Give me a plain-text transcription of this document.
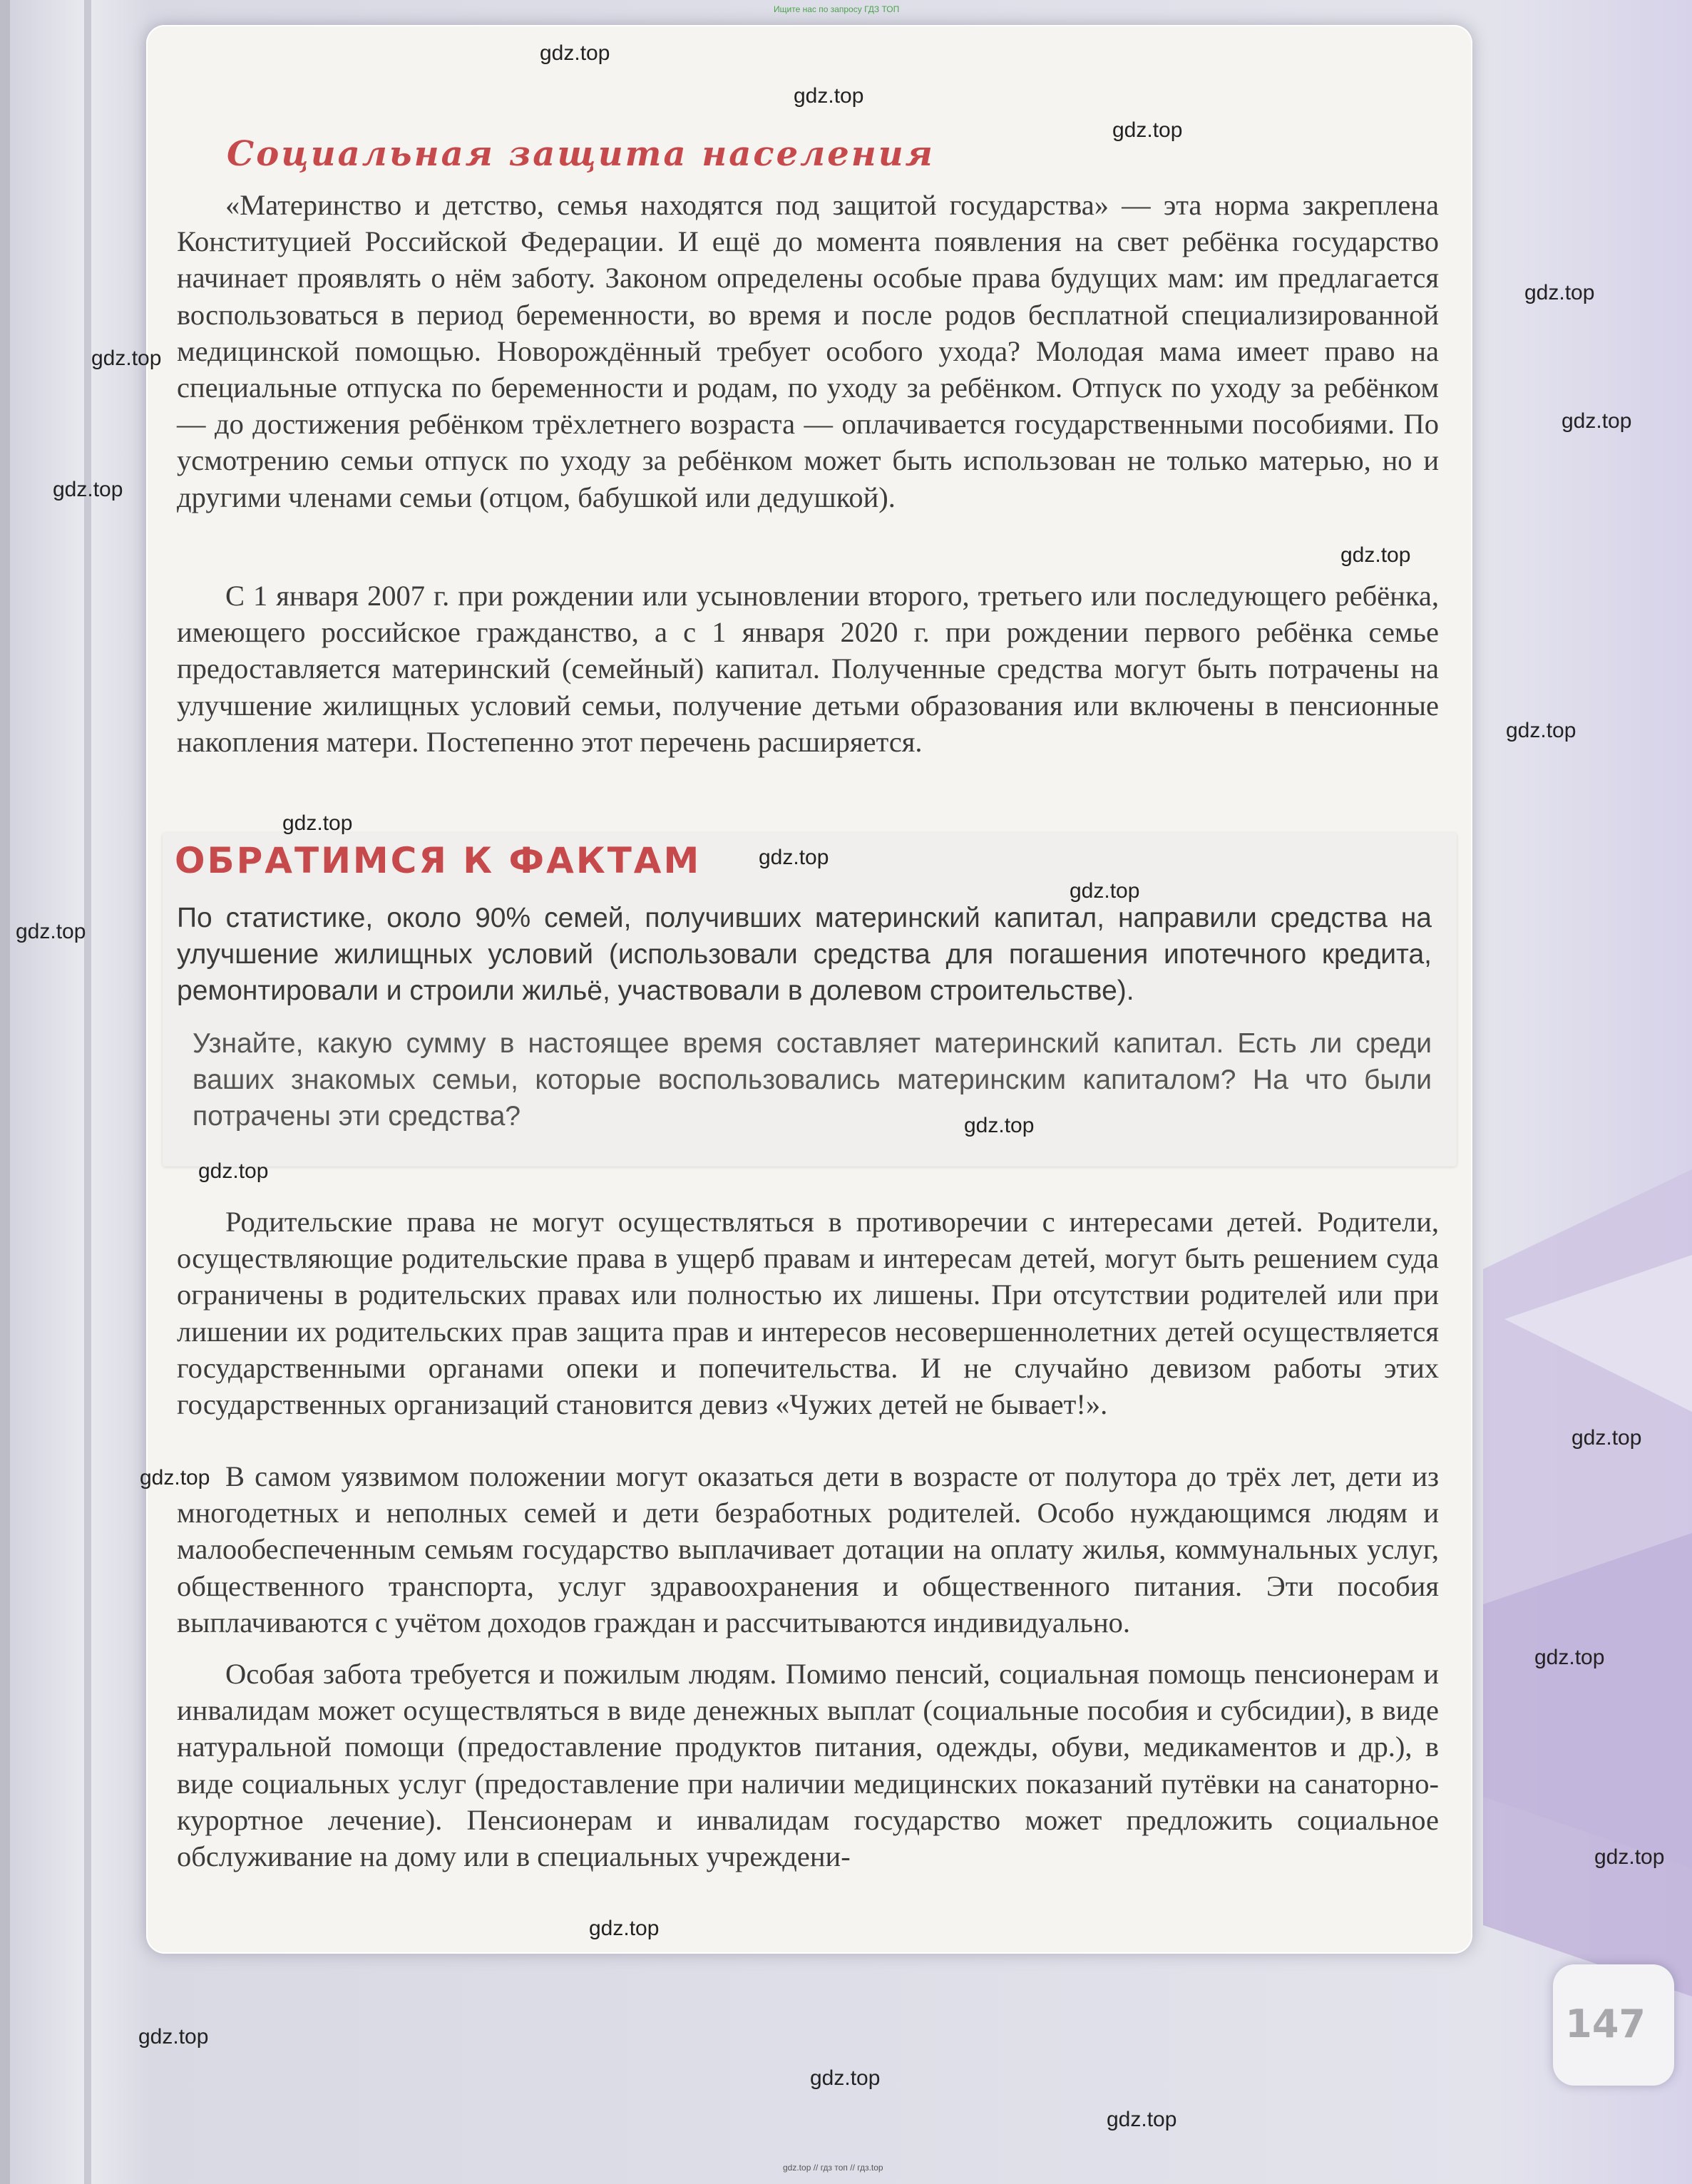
Ищите нас по запросу ГДЗ ТОП
Социальная защита населения

«Материнство и детство, семья находятся под защитой государства» — эта норма закреплена Конституцией Российской Федерации. И ещё до момента появления на свет ребёнка государство начинает проявлять о нём заботу. Законом определены особые права будущих мам: им предлагается воспользоваться в период беременности, во время и после родов бесплатной специализированной медицинской помощью. Новорождённый требует особого ухода? Молодая мама имеет право на специальные отпуска по беременности и родам, по уходу за ребёнком. Отпуск по уходу за ребёнком — до достижения ребёнком трёхлетнего возраста — оплачивается государственными пособиями. По усмотрению семьи отпуск по уходу за ребёнком может быть использован не только матерью, но и другими членами семьи (отцом, бабушкой или дедушкой).

С 1 января 2007 г. при рождении или усыновлении второго, третьего или последующего ребёнка, имеющего российское гражданство, а с 1 января 2020 г. при рождении первого ребёнка семье предоставляется материнский (семейный) капитал. Полученные средства могут быть потрачены на улучшение жилищных условий семьи, получение детьми образования или включены в пенсионные накопления матери. Постепенно этот перечень расширяется.

ОБРАТИМСЯ К ФАКТАМ

По статистике, около 90% семей, получивших материнский капитал, направили средства на улучшение жилищных условий (использовали средства для погашения ипотечного кредита, ремонтировали и строили жильё, участвовали в долевом строительстве).

Узнайте, какую сумму в настоящее время составляет материнский капитал. Есть ли среди ваших знакомых семьи, которые воспользовались материнским капиталом? На что были потрачены эти средства?

Родительские права не могут осуществляться в противоречии с интересами детей. Родители, осуществляющие родительские права в ущерб правам и интересам детей, могут быть решением суда ограничены в родительских правах или полностью их лишены. При отсутствии родителей или при лишении их родительских прав защита прав и интересов несовершеннолетних детей осуществляется государственными органами опеки и попечительства. И не случайно девизом работы этих государственных организаций становится девиз «Чужих детей не бывает!».

В самом уязвимом положении могут оказаться дети в возрасте от полутора до трёх лет, дети из многодетных и неполных семей и дети безработных родителей. Особо нуждающимся людям и малообеспеченным семьям государство выплачивает дотации на оплату жилья, коммунальных услуг, общественного транспорта, услуг здравоохранения и общественного питания. Эти пособия выплачиваются с учётом доходов граждан и рассчитываются индивидуально.

Особая забота требуется и пожилым людям. Помимо пенсий, социальная помощь пенсионерам и инвалидам может осуществляться в виде денежных выплат (социальные пособия и субсидии), в виде натуральной помощи (предоставление продуктов питания, одежды, обуви, медикаментов и др.), в виде социальных услуг (предоставление при наличии медицинских показаний путёвки на санаторно-курортное лечение). Пенсионерам и инвалидам государство может предложить социальное обслуживание на дому или в специальных учреждени-

147
gdz.top
gdz.top
gdz.top
gdz.top
gdz.top
gdz.top
gdz.top
gdz.top
gdz.top
gdz.top
gdz.top
gdz.top
gdz.top
gdz.top
gdz.top
gdz.top
gdz.top
gdz.top
gdz.top
gdz.top
gdz.top
gdz.top
gdz.top
gdz.top // гдз топ // гдз.top
